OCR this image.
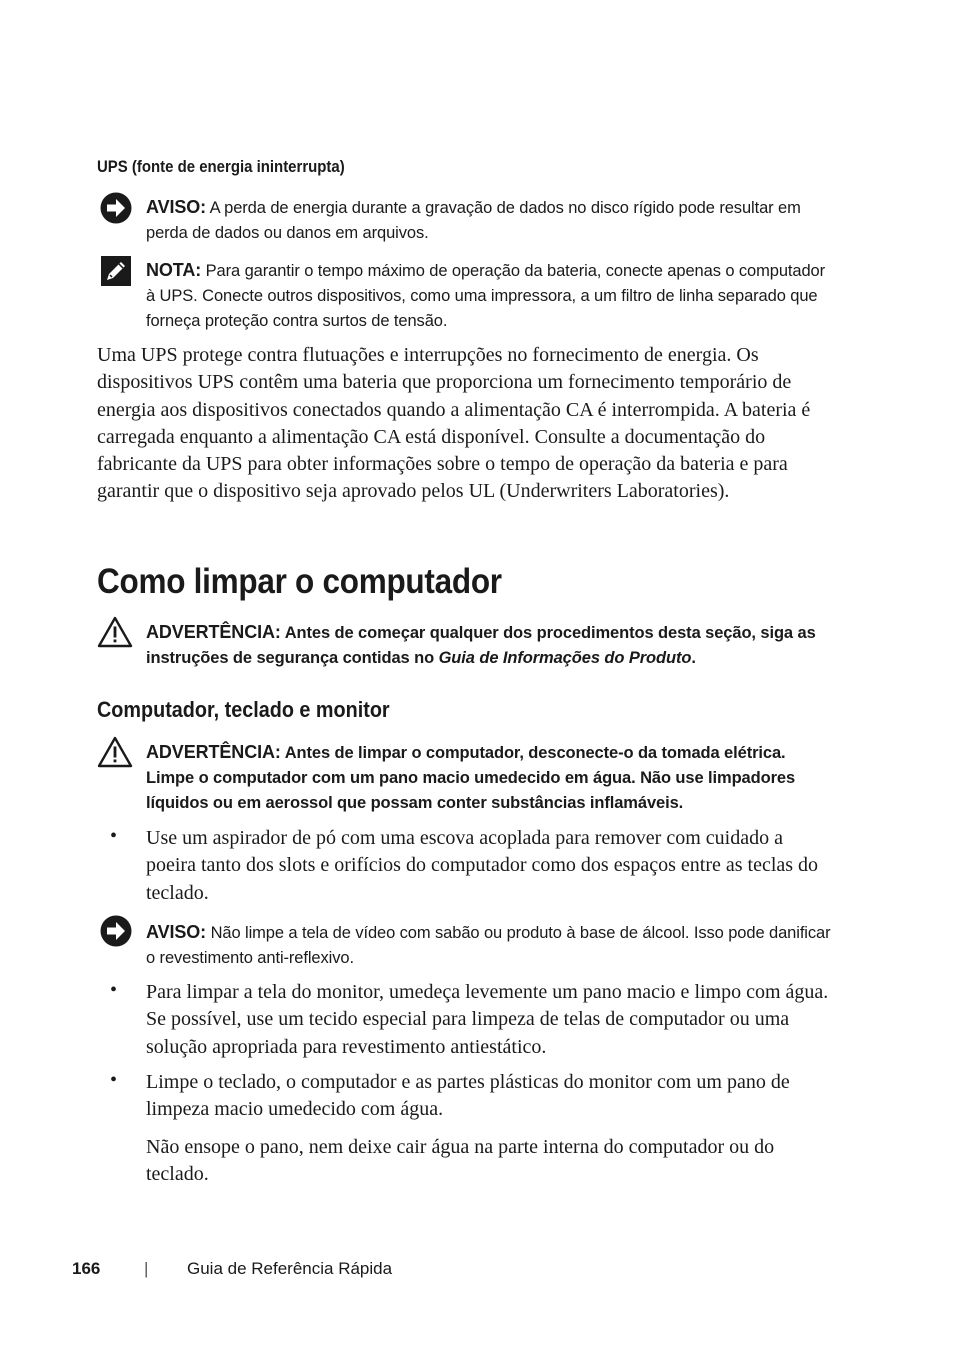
UPS (fonte de energia ininterrupta)
AVISO: A perda de energia durante a gravação de dados no disco rígido pode resultar em perda de dados ou danos em arquivos.
NOTA: Para garantir o tempo máximo de operação da bateria, conecte apenas o computador à UPS. Conecte outros dispositivos, como uma impressora, a um filtro de linha separado que forneça proteção contra surtos de tensão.
Uma UPS protege contra flutuações e interrupções no fornecimento de energia. Os dispositivos UPS contêm uma bateria que proporciona um fornecimento temporário de energia aos dispositivos conectados quando a alimentação CA é interrompida. A bateria é carregada enquanto a alimentação CA está disponível. Consulte a documentação do fabricante da UPS para obter informações sobre o tempo de operação da bateria e para garantir que o dispositivo seja aprovado pelos UL (Underwriters Laboratories).
Como limpar o computador
ADVERTÊNCIA: Antes de começar qualquer dos procedimentos desta seção, siga as instruções de segurança contidas no Guia de Informações do Produto.
Computador, teclado e monitor
ADVERTÊNCIA: Antes de limpar o computador, desconecte-o da tomada elétrica. Limpe o computador com um pano macio umedecido em água. Não use limpadores líquidos ou em aerossol que possam conter substâncias inflamáveis.
• Use um aspirador de pó com uma escova acoplada para remover com cuidado a poeira tanto dos slots e orifícios do computador como dos espaços entre as teclas do teclado.
AVISO: Não limpe a tela de vídeo com sabão ou produto à base de álcool. Isso pode danificar o revestimento anti-reflexivo.
• Para limpar a tela do monitor, umedeça levemente um pano macio e limpo com água. Se possível, use um tecido especial para limpeza de telas de computador ou uma solução apropriada para revestimento antiestático.
• Limpe o teclado, o computador e as partes plásticas do monitor com um pano de limpeza macio umedecido com água.
Não ensope o pano, nem deixe cair água na parte interna do computador ou do teclado.
166	| Guia de Referência Rápida
